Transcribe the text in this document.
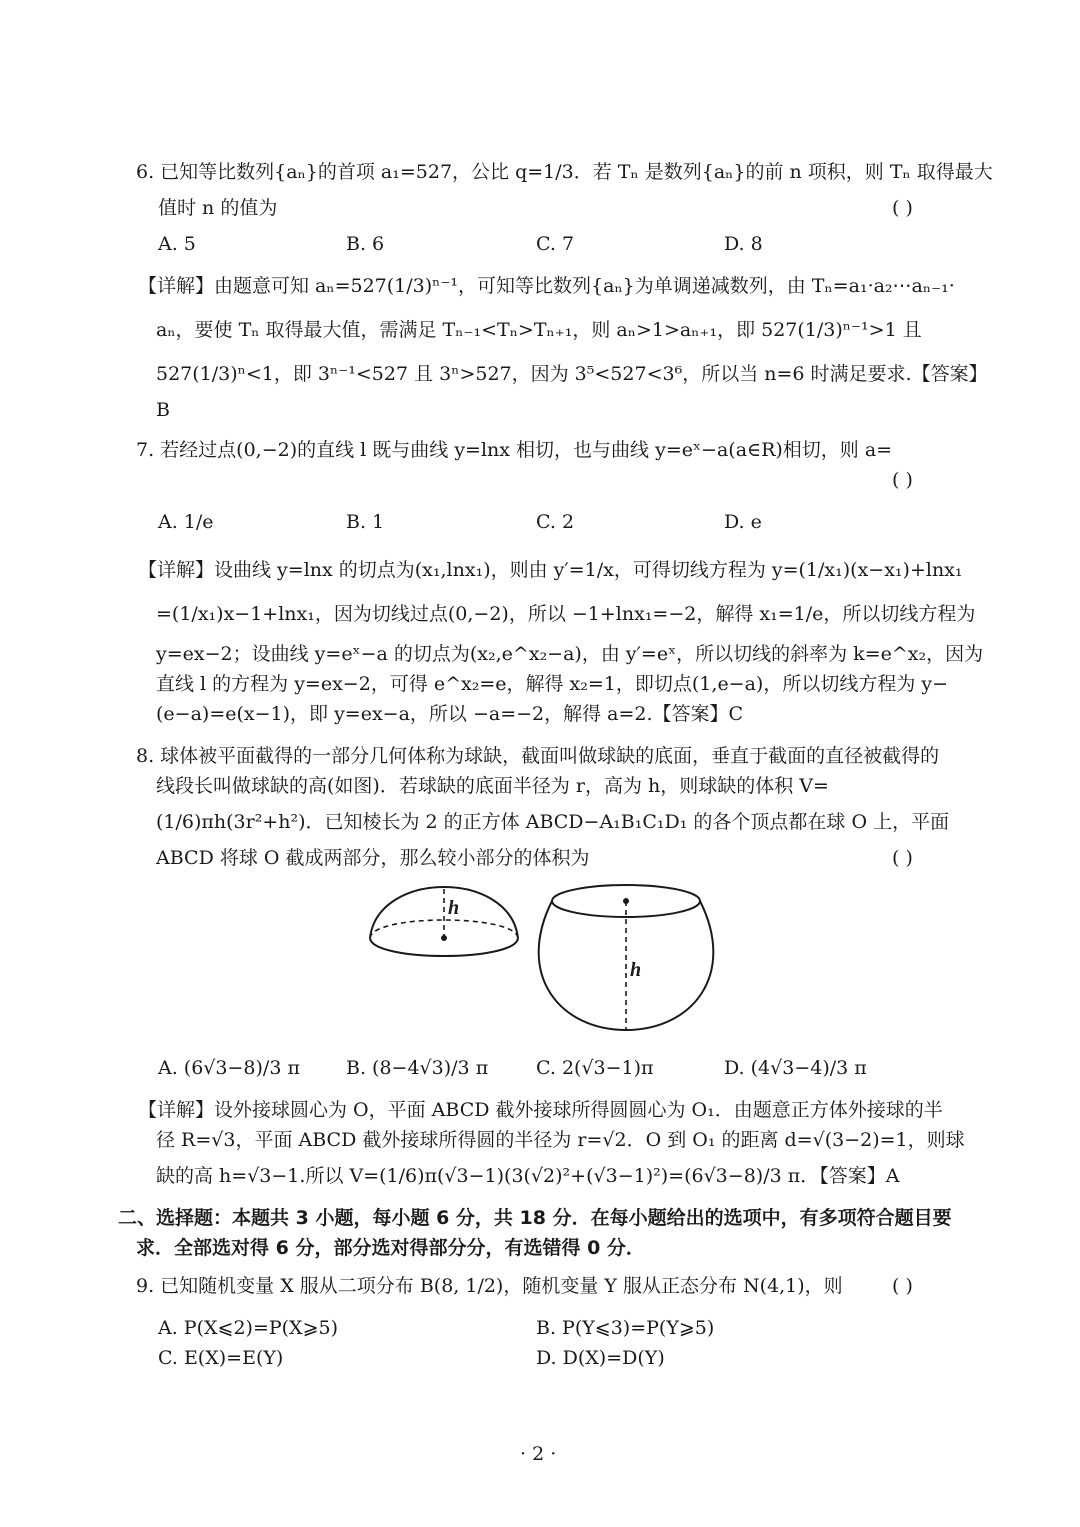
6. 已知等比数列{aₙ}的首项 a₁=527，公比 q=1/3．若 Tₙ 是数列{aₙ}的前 n 项积，则 Tₙ 取得最大
值时 n 的值为	( )
A. 5	B. 6	C. 7	D. 8
【详解】由题意可知 aₙ=527(1/3)ⁿ⁻¹，可知等比数列{aₙ}为单调递减数列，由 Tₙ=a₁·a₂⋯aₙ₋₁·
aₙ，要使 Tₙ 取得最大值，需满足 Tₙ₋₁<Tₙ>Tₙ₊₁，则 aₙ>1>aₙ₊₁，即 527(1/3)ⁿ⁻¹>1 且
527(1/3)ⁿ<1，即 3ⁿ⁻¹<527 且 3ⁿ>527，因为 3⁵<527<3⁶，所以当 n=6 时满足要求.【答案】
B
7. 若经过点(0,−2)的直线 l 既与曲线 y=lnx 相切，也与曲线 y=eˣ−a(a∈R)相切，则 a=
( )
A. 1/e	B. 1	C. 2	D. e
【详解】设曲线 y=lnx 的切点为(x₁,lnx₁)，则由 y′=1/x，可得切线方程为 y=(1/x₁)(x−x₁)+lnx₁
=(1/x₁)x−1+lnx₁，因为切线过点(0,−2)，所以 −1+lnx₁=−2，解得 x₁=1/e，所以切线方程为
y=ex−2；设曲线 y=eˣ−a 的切点为(x₂,e^x₂−a)，由 y′=eˣ，所以切线的斜率为 k=e^x₂，因为
直线 l 的方程为 y=ex−2，可得 e^x₂=e，解得 x₂=1，即切点(1,e−a)，所以切线方程为 y−
(e−a)=e(x−1)，即 y=ex−a，所以 −a=−2，解得 a=2.【答案】C
8. 球体被平面截得的一部分几何体称为球缺，截面叫做球缺的底面，垂直于截面的直径被截得的
线段长叫做球缺的高(如图)．若球缺的底面半径为 r，高为 h，则球缺的体积 V=
(1/6)πh(3r²+h²)．已知棱长为 2 的正方体 ABCD−A₁B₁C₁D₁ 的各个顶点都在球 O 上，平面
ABCD 将球 O 截成两部分，那么较小部分的体积为	( )
h
h
A. (6√3−8)/3 π B. (8−4√3)/3 π	C. 2(√3−1)π	D. (4√3−4)/3 π
【详解】设外接球圆心为 O，平面 ABCD 截外接球所得圆圆心为 O₁．由题意正方体外接球的半
径 R=√3，平面 ABCD 截外接球所得圆的半径为 r=√2．O 到 O₁ 的距离 d=√(3−2)=1，则球
缺的高 h=√3−1.所以 V=(1/6)π(√3−1)(3(√2)²+(√3−1)²)=(6√3−8)/3 π．【答案】A
二、选择题：本题共 3 小题，每小题 6 分，共 18 分．在每小题给出的选项中，有多项符合题目要
求．全部选对得 6 分，部分选对得部分分，有选错得 0 分．
9. 已知随机变量 X 服从二项分布 B(8, 1/2)，随机变量 Y 服从正态分布 N(4,1)，则	( )
A. P(X⩽2)=P(X⩾5)	B. P(Y⩽3)=P(Y⩾5)
C. E(X)=E(Y)	D. D(X)=D(Y)
· 2 ·
